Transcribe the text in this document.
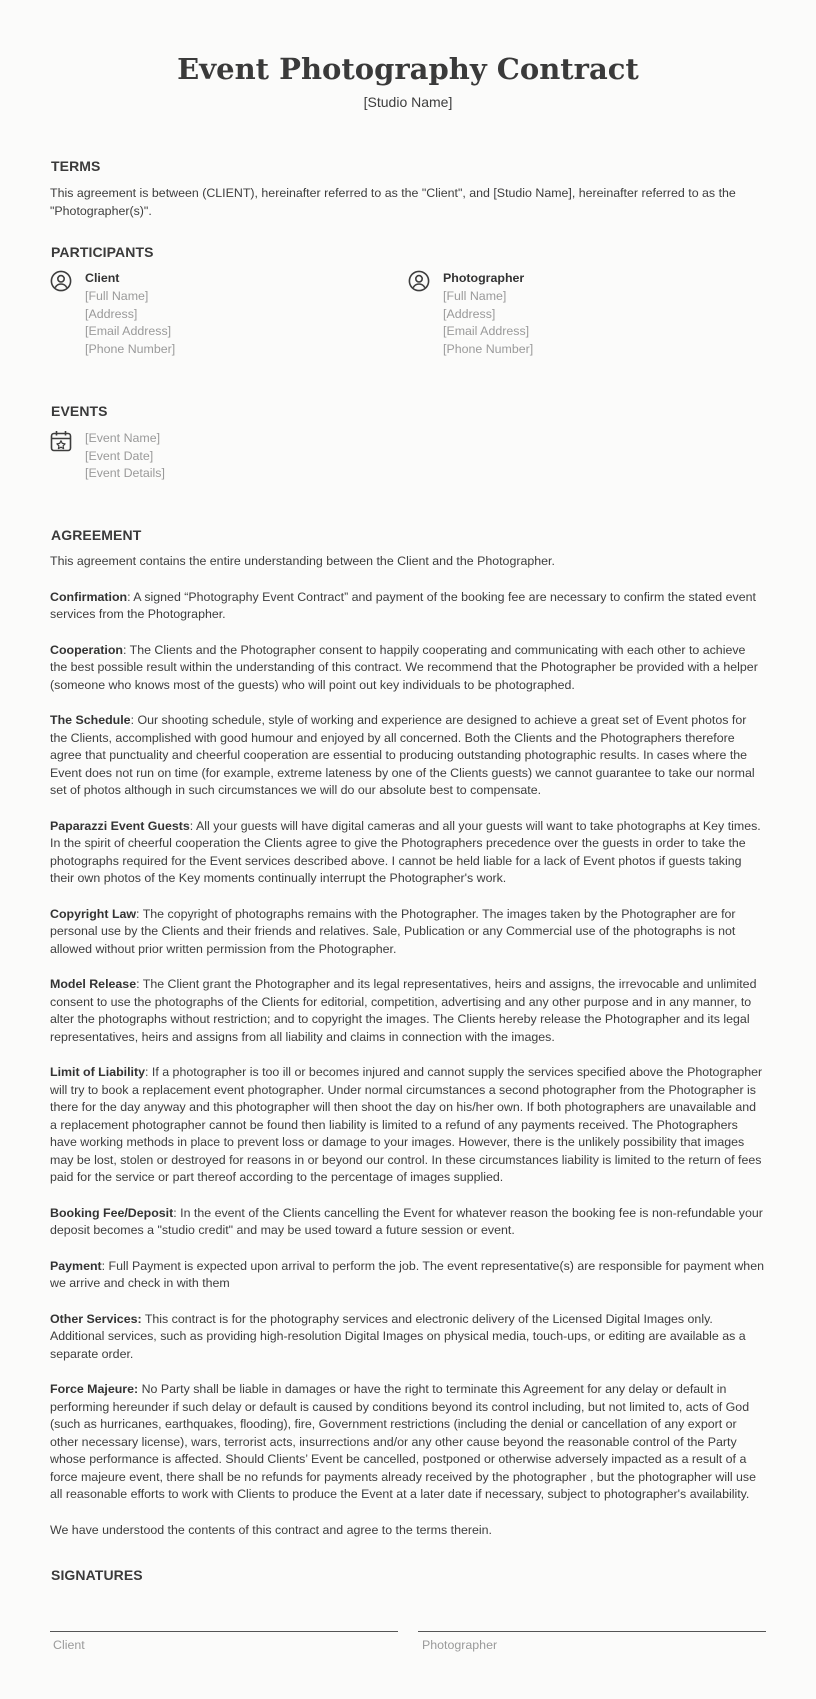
Event Photography Contract
[Studio Name]
TERMS
This agreement is between (CLIENT), hereinafter referred to as the "Client", and [Studio Name], hereinafter referred to as the "Photographer(s)".
PARTICIPANTS
Client
[Full Name]
[Address]
[Email Address]
[Phone Number]
Photographer
[Full Name]
[Address]
[Email Address]
[Phone Number]
EVENTS
[Event Name]
[Event Date]
[Event Details]
AGREEMENT
This agreement contains the entire understanding between the Client and the Photographer.
Confirmation: A signed “Photography Event Contract” and payment of the booking fee are necessary to confirm the stated event services from the Photographer.
Cooperation: The Clients and the Photographer consent to happily cooperating and communicating with each other to achieve the best possible result within the understanding of this contract. We recommend that the Photographer be provided with a helper (someone who knows most of the guests) who will point out key individuals to be photographed.
The Schedule: Our shooting schedule, style of working and experience are designed to achieve a great set of Event photos for the Clients, accomplished with good humour and enjoyed by all concerned. Both the Clients and the Photographers therefore agree that punctuality and cheerful cooperation are essential to producing outstanding photographic results. In cases where the Event does not run on time (for example, extreme lateness by one of the Clients guests) we cannot guarantee to take our normal set of photos although in such circumstances we will do our absolute best to compensate.
Paparazzi Event Guests: All your guests will have digital cameras and all your guests will want to take photographs at Key times. In the spirit of cheerful cooperation the Clients agree to give the Photographers precedence over the guests in order to take the photographs required for the Event services described above. I cannot be held liable for a lack of Event photos if guests taking their own photos of the Key moments continually interrupt the Photographer's work.
Copyright Law: The copyright of photographs remains with the Photographer. The images taken by the Photographer are for personal use by the Clients and their friends and relatives. Sale, Publication or any Commercial use of the photographs is not allowed without prior written permission from the Photographer.
Model Release: The Client grant the Photographer and its legal representatives, heirs and assigns, the irrevocable and unlimited consent to use the photographs of the Clients for editorial, competition, advertising and any other purpose and in any manner, to alter the photographs without restriction; and to copyright the images. The Clients hereby release the Photographer and its legal representatives, heirs and assigns from all liability and claims in connection with the images.
Limit of Liability: If a photographer is too ill or becomes injured and cannot supply the services specified above the Photographer will try to book a replacement event photographer. Under normal circumstances a second photographer from the Photographer is there for the day anyway and this photographer will then shoot the day on his/her own. If both photographers are unavailable and a replacement photographer cannot be found then liability is limited to a refund of any payments received. The Photographers have working methods in place to prevent loss or damage to your images. However, there is the unlikely possibility that images may be lost, stolen or destroyed for reasons in or beyond our control. In these circumstances liability is limited to the return of fees paid for the service or part thereof according to the percentage of images supplied.
Booking Fee/Deposit: In the event of the Clients cancelling the Event for whatever reason the booking fee is non-refundable your deposit becomes a "studio credit" and may be used toward a future session or event.
Payment: Full Payment is expected upon arrival to perform the job. The event representative(s) are responsible for payment when we arrive and check in with them
Other Services: This contract is for the photography services and electronic delivery of the Licensed Digital Images only. Additional services, such as providing high-resolution Digital Images on physical media, touch-ups, or editing are available as a separate order.
Force Majeure: No Party shall be liable in damages or have the right to terminate this Agreement for any delay or default in performing hereunder if such delay or default is caused by conditions beyond its control including, but not limited to, acts of God (such as hurricanes, earthquakes, flooding), fire, Government restrictions (including the denial or cancellation of any export or other necessary license), wars, terrorist acts, insurrections and/or any other cause beyond the reasonable control of the Party whose performance is affected. Should Clients’ Event be cancelled, postponed or otherwise adversely impacted as a result of a force majeure event, there shall be no refunds for payments already received by the photographer , but the photographer will use all reasonable efforts to work with Clients to produce the Event at a later date if necessary, subject to photographer's availability.
We have understood the contents of this contract and agree to the terms therein.
SIGNATURES
Client	Photographer
